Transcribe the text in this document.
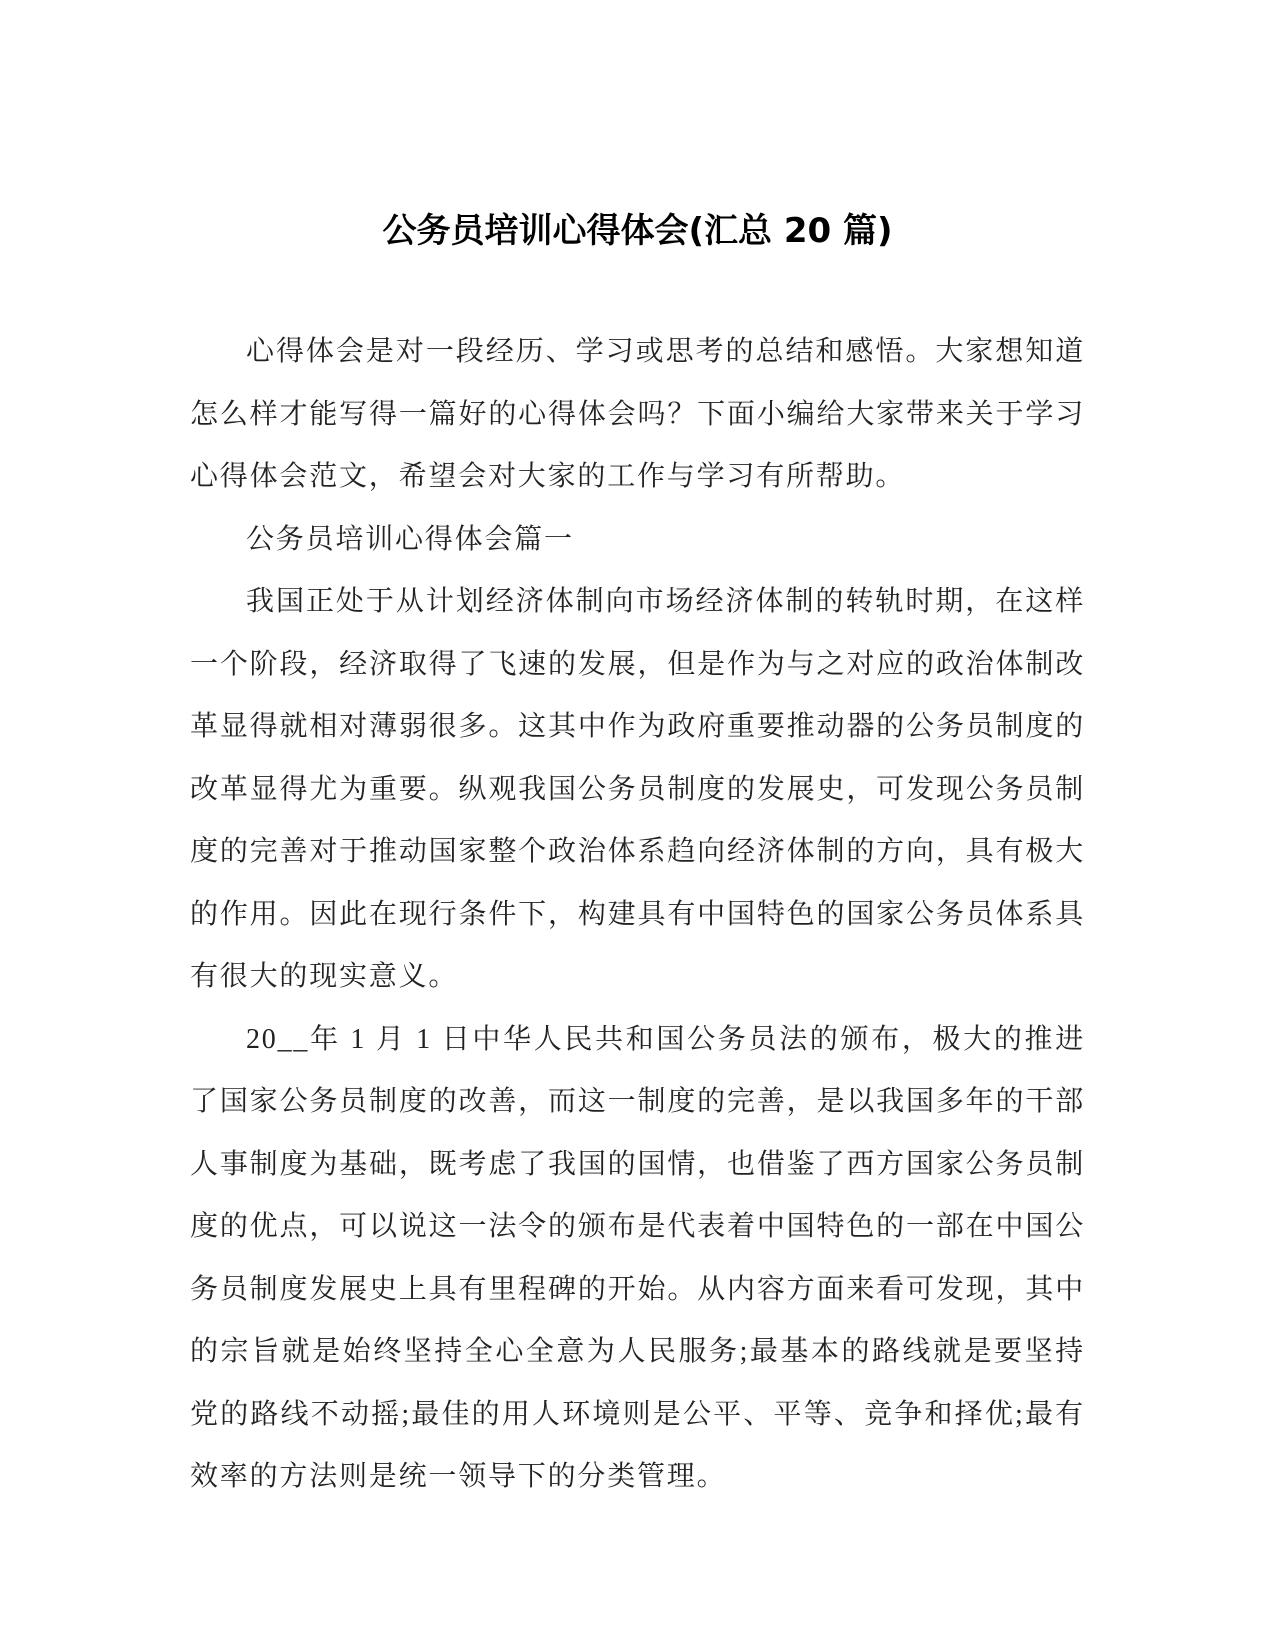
公务员培训心得体会(汇总 20 篇)

心得体会是对一段经历、学习或思考的总结和感悟。大家想知道怎么样才能写得一篇好的心得体会吗？下面小编给大家带来关于学习心得体会范文，希望会对大家的工作与学习有所帮助。

公务员培训心得体会篇一

我国正处于从计划经济体制向市场经济体制的转轨时期，在这样一个阶段，经济取得了飞速的发展，但是作为与之对应的政治体制改革显得就相对薄弱很多。这其中作为政府重要推动器的公务员制度的改革显得尤为重要。纵观我国公务员制度的发展史，可发现公务员制度的完善对于推动国家整个政治体系趋向经济体制的方向，具有极大的作用。因此在现行条件下，构建具有中国特色的国家公务员体系具有很大的现实意义。

20__年 1 月 1 日中华人民共和国公务员法的颁布，极大的推进了国家公务员制度的改善，而这一制度的完善，是以我国多年的干部人事制度为基础，既考虑了我国的国情，也借鉴了西方国家公务员制度的优点，可以说这一法令的颁布是代表着中国特色的一部在中国公务员制度发展史上具有里程碑的开始。从内容方面来看可发现，其中的宗旨就是始终坚持全心全意为人民服务;最基本的路线就是要坚持党的路线不动摇;最佳的用人环境则是公平、平等、竞争和择优;最有效率的方法则是统一领导下的分类管理。
